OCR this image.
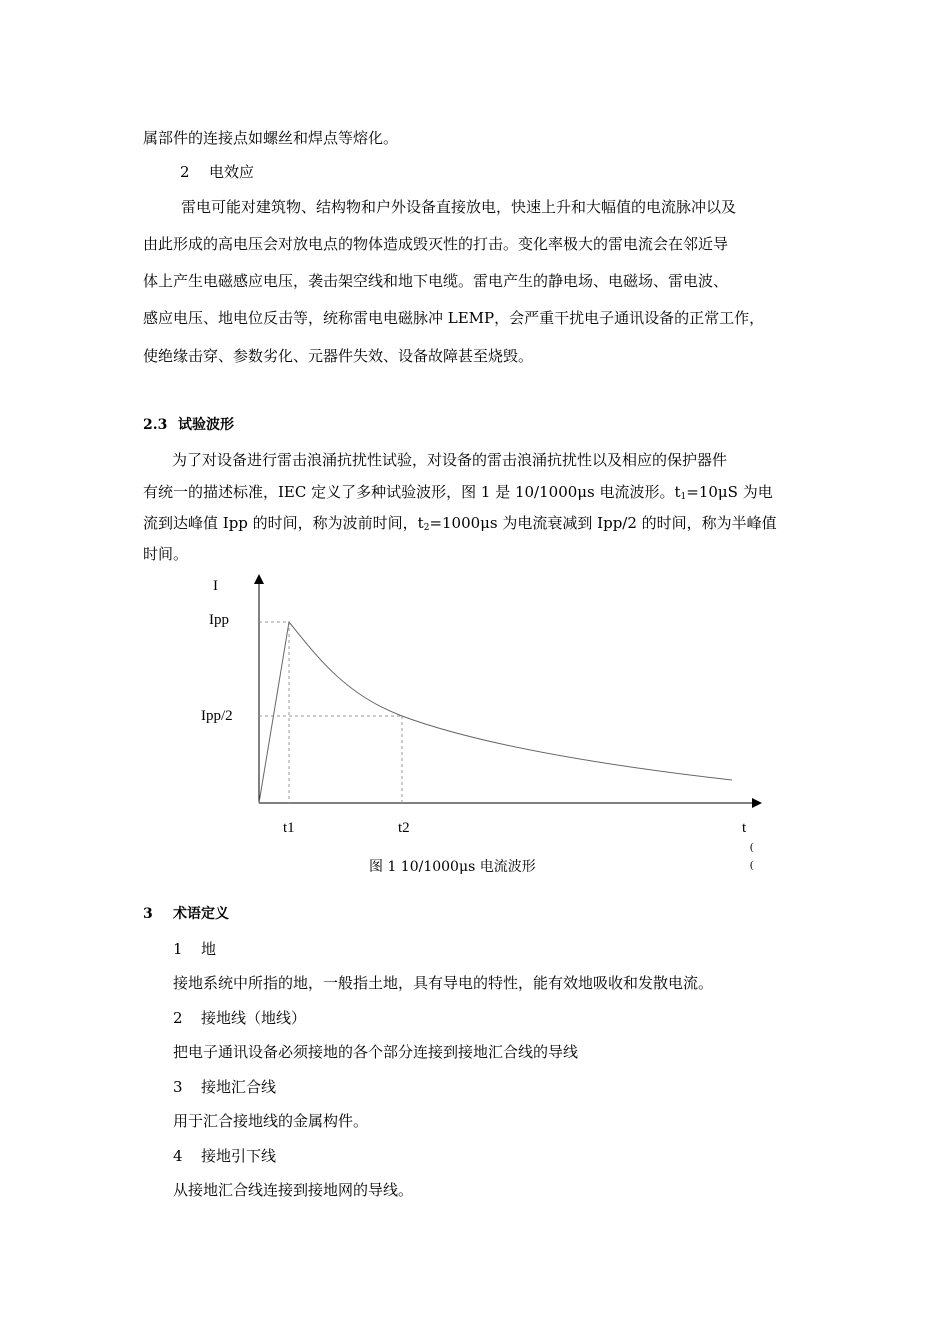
属部件的连接点如螺丝和焊点等熔化。
2 电效应
雷电可能对建筑物、结构物和户外设备直接放电，快速上升和大幅值的电流脉冲以及
由此形成的高电压会对放电点的物体造成毁灭性的打击。变化率极大的雷电流会在邻近导
体上产生电磁感应电压，袭击架空线和地下电缆。雷电产生的静电场、电磁场、雷电波、
感应电压、地电位反击等，统称雷电电磁脉冲 LEMP，会严重干扰电子通讯设备的正常工作，
使绝缘击穿、参数劣化、元器件失效、设备故障甚至烧毁。
2.3 试验波形
为了对设备进行雷击浪涌抗扰性试验，对设备的雷击浪涌抗扰性以及相应的保护器件
有统一的描述标准，IEC 定义了多种试验波形，图 1 是 10/1000μs 电流波形。$t_1=10\mu S$ 为电
流到达峰值 Ipp 的时间，称为波前时间，$t_2=1000\mu s$ 为电流衰减到 Ipp/2 的时间，称为半峰值
时间。
I
Ipp
Ipp/2
t1	t2	t
(
(
图 1 10/1000μs 电流波形
3 术语定义
1 地
接地系统中所指的地，一般指土地，具有导电的特性，能有效地吸收和发散电流。
2 接地线（地线）
把电子通讯设备必须接地的各个部分连接到接地汇合线的导线
3 接地汇合线
用于汇合接地线的金属构件。
4 接地引下线
从接地汇合线连接到接地网的导线。
